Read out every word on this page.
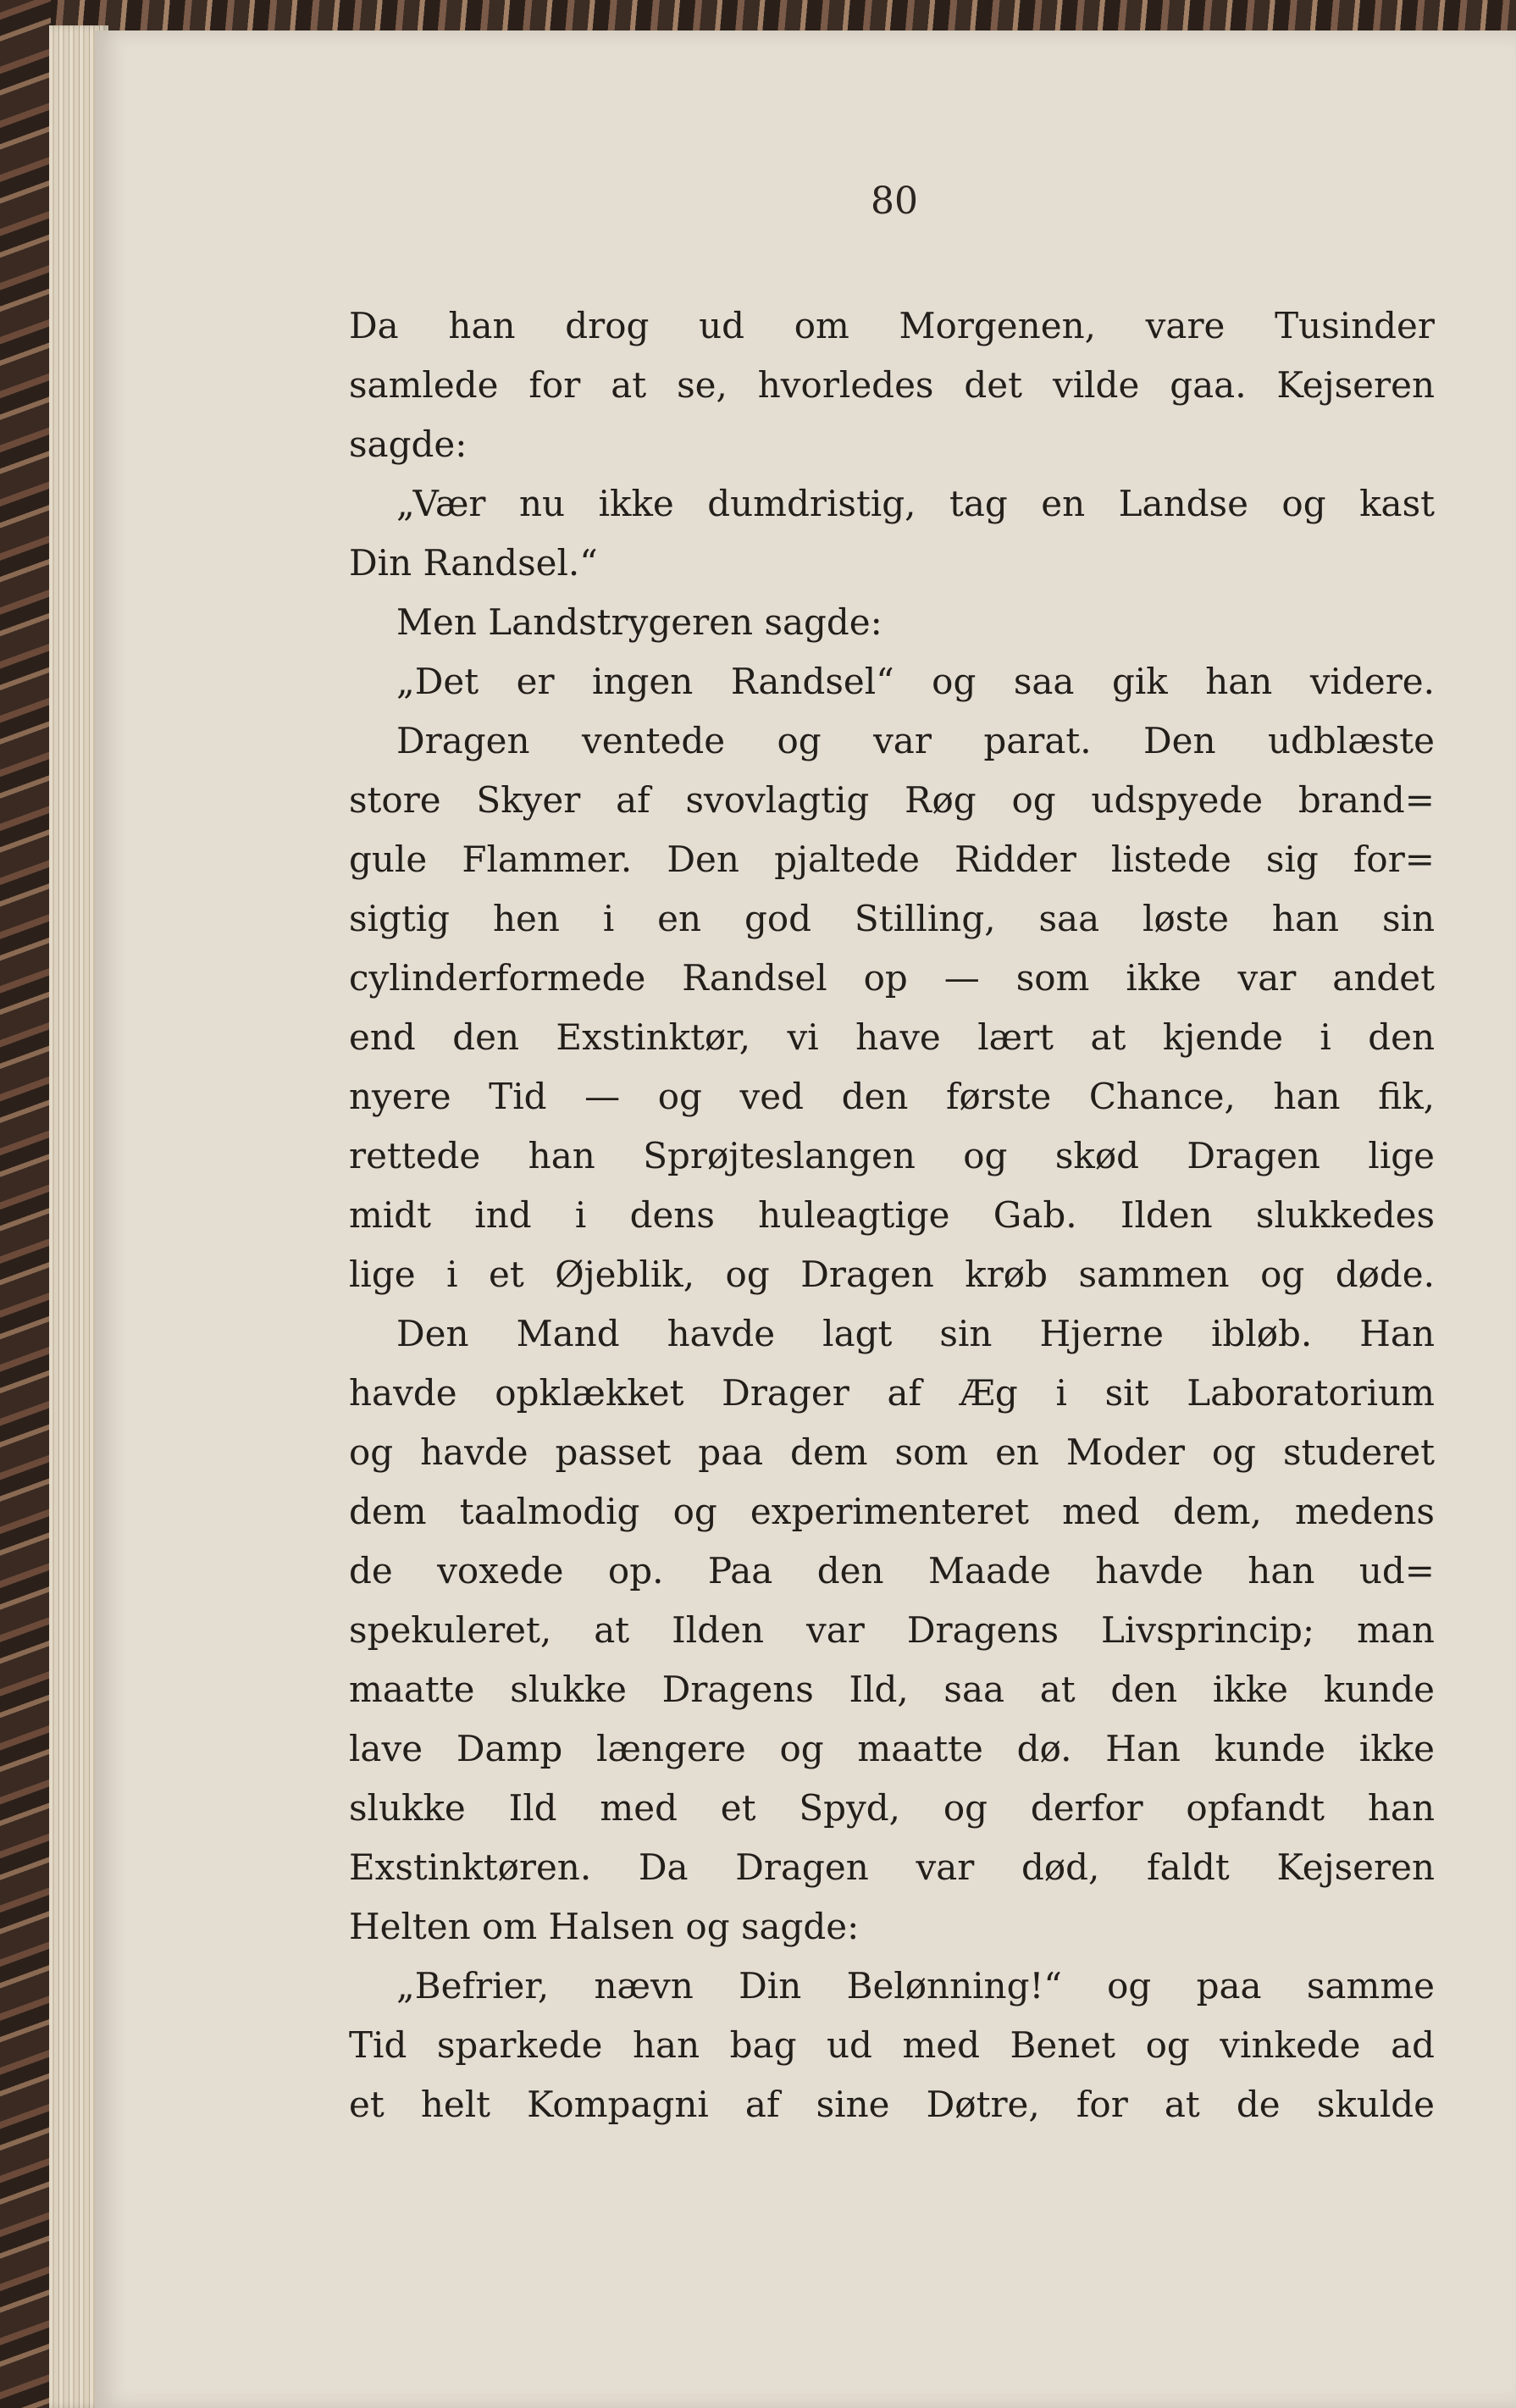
80
Da han drog ud om Morgenen, vare Tusinder
samlede for at se, hvorledes det vilde gaa. Kejseren
sagde:
„Vær nu ikke dumdristig, tag en Landse og kast
Din Randsel.“
Men Landstrygeren sagde:
„Det er ingen Randsel“ og saa gik han videre.
Dragen ventede og var parat. Den udblæste
store Skyer af svovlagtig Røg og udspyede brand=
gule Flammer. Den pjaltede Ridder listede sig for=
sigtig hen i en god Stilling, saa løste han sin
cylinderformede Randsel op — som ikke var andet
end den Exstinktør, vi have lært at kjende i den
nyere Tid — og ved den første Chance, han fik,
rettede han Sprøjteslangen og skød Dragen lige
midt ind i dens huleagtige Gab. Ilden slukkedes
lige i et Øjeblik, og Dragen krøb sammen og døde.
Den Mand havde lagt sin Hjerne ibløb. Han
havde opklækket Drager af Æg i sit Laboratorium
og havde passet paa dem som en Moder og studeret
dem taalmodig og experimenteret med dem, medens
de voxede op. Paa den Maade havde han ud=
spekuleret, at Ilden var Dragens Livsprincip; man
maatte slukke Dragens Ild, saa at den ikke kunde
lave Damp længere og maatte dø. Han kunde ikke
slukke Ild med et Spyd, og derfor opfandt han
Exstinktøren. Da Dragen var død, faldt Kejseren
Helten om Halsen og sagde:
„Befrier, nævn Din Belønning!“ og paa samme
Tid sparkede han bag ud med Benet og vinkede ad
et helt Kompagni af sine Døtre, for at de skulde
